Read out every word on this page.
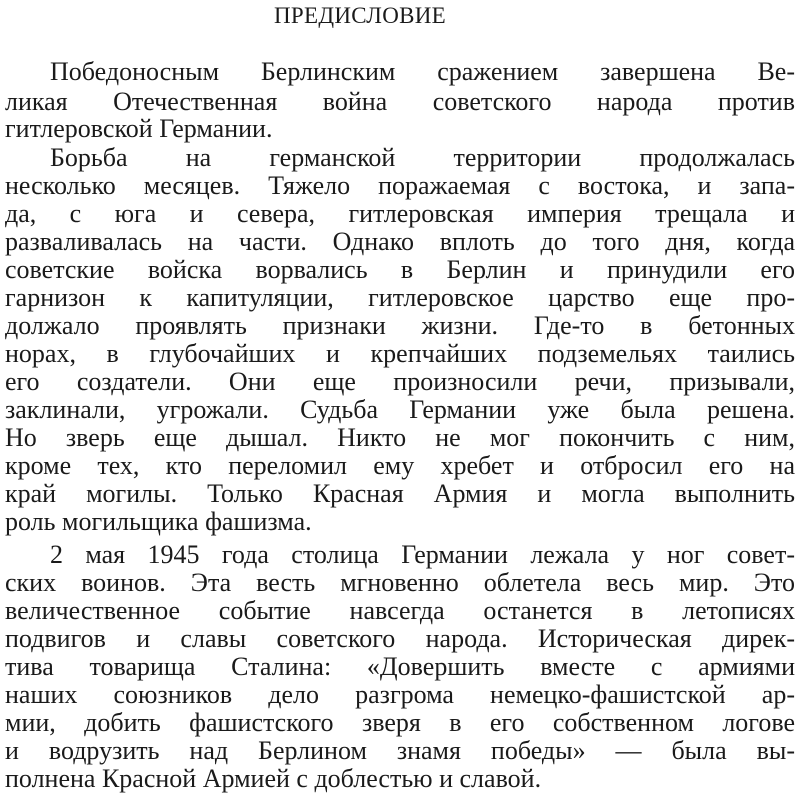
ПРЕДИСЛОВИЕ
Победоносным Берлинским сражением завершена Ве-
ликая Отечественная война советского народа против
гитлеровской Германии.
Борьба на германской территории продолжалась
несколько месяцев. Тяжело поражаемая с востока, и запа-
да, с юга и севера, гитлеровская империя трещала и
разваливалась на части. Однако вплоть до того дня, когда
советские войска ворвались в Берлин и принудили его
гарнизон к капитуляции, гитлеровское царство еще про-
должало проявлять признаки жизни. Где-то в бетонных
норах, в глубочайших и крепчайших подземельях таились
его создатели. Они еще произносили речи, призывали,
заклинали, угрожали. Судьба Германии уже была решена.
Но зверь еще дышал. Никто не мог покончить с ним,
кроме тех, кто переломил ему хребет и отбросил его на
край могилы. Только Красная Армия и могла выполнить
роль могильщика фашизма.
2 мая 1945 года столица Германии лежала у ног совет-
ских воинов. Эта весть мгновенно облетела весь мир. Это
величественное событие навсегда останется в летописях
подвигов и славы советского народа. Историческая дирек-
тива товарища Сталина: «Довершить вместе с армиями
наших союзников дело разгрома немецко-фашистской ар-
мии, добить фашистского зверя в его собственном логове
и водрузить над Берлином знамя победы» — была вы-
полнена Красной Армией с доблестью и славой.
